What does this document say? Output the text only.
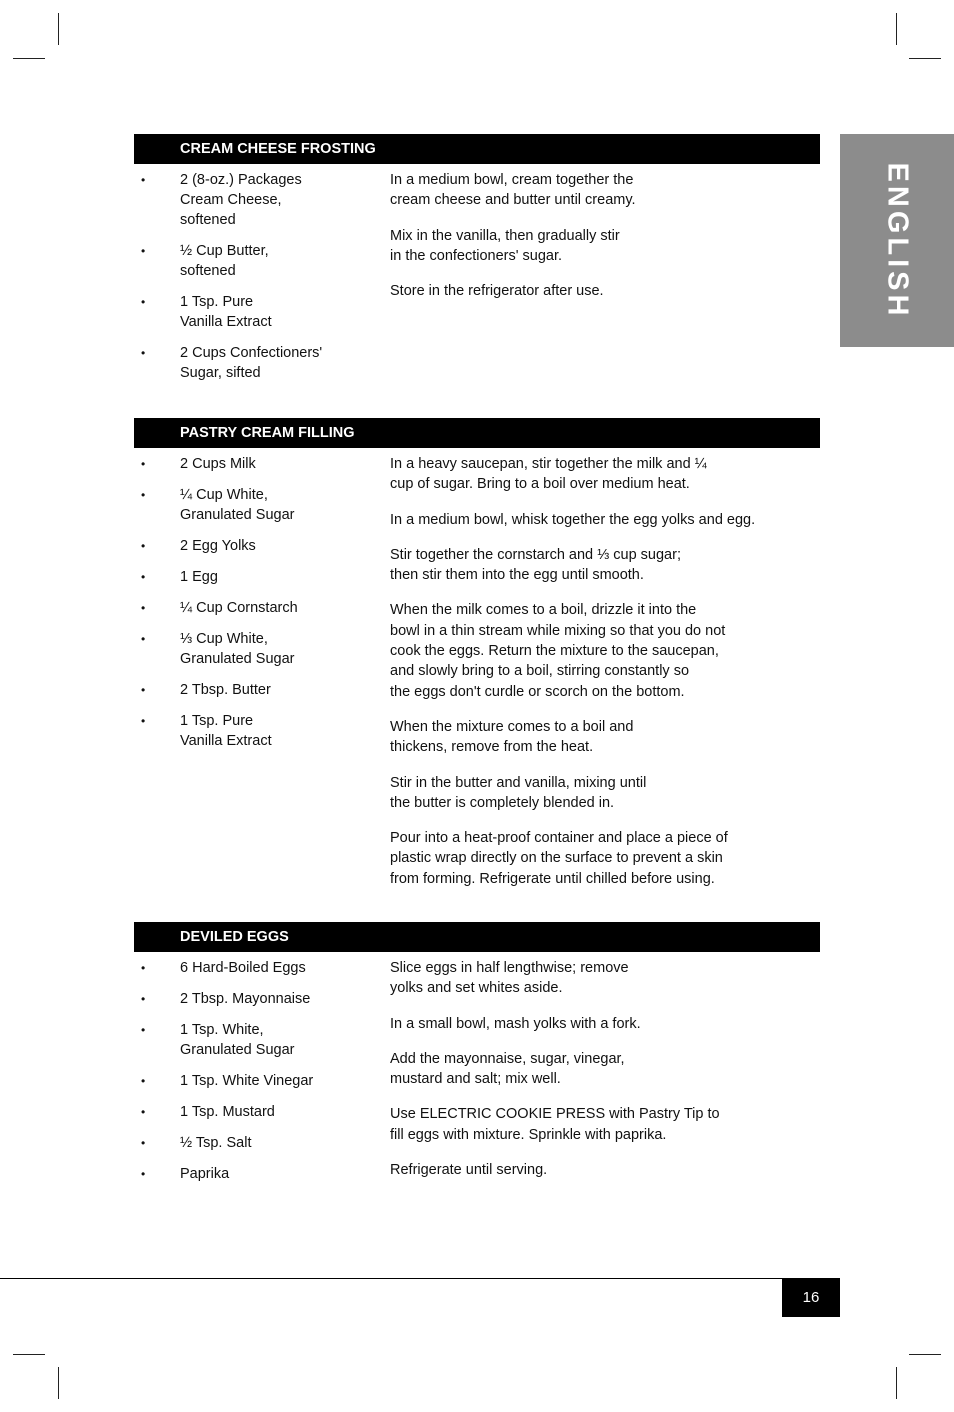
ENGLISH
CREAM CHEESE FROSTING
• 2 (8-oz.) Packages
Cream Cheese,
softened
• ½ Cup Butter,
softened
• 1 Tsp. Pure
Vanilla Extract
• 2 Cups Confectioners'
Sugar, sifted

In a medium bowl, cream together the
cream cheese and butter until creamy.

Mix in the vanilla, then gradually stir
in the confectioners' sugar.

Store in the refrigerator after use.

PASTRY CREAM FILLING
• 2 Cups Milk
• ¼ Cup White,
Granulated Sugar
• 2 Egg Yolks
• 1 Egg
• ¼ Cup Cornstarch
• ⅓ Cup White,
Granulated Sugar
• 2 Tbsp. Butter
• 1 Tsp. Pure
Vanilla Extract

In a heavy saucepan, stir together the milk and ¼
cup of sugar. Bring to a boil over medium heat.

In a medium bowl, whisk together the egg yolks and egg.

Stir together the cornstarch and ⅓ cup sugar;
then stir them into the egg until smooth.

When the milk comes to a boil, drizzle it into the
bowl in a thin stream while mixing so that you do not
cook the eggs. Return the mixture to the saucepan,
and slowly bring to a boil, stirring constantly so
the eggs don't curdle or scorch on the bottom.

When the mixture comes to a boil and
thickens, remove from the heat.

Stir in the butter and vanilla, mixing until
the butter is completely blended in.

Pour into a heat-proof container and place a piece of
plastic wrap directly on the surface to prevent a skin
from forming. Refrigerate until chilled before using.

DEVILED EGGS
• 6 Hard-Boiled Eggs
• 2 Tbsp. Mayonnaise
• 1 Tsp. White,
Granulated Sugar
• 1 Tsp. White Vinegar
• 1 Tsp. Mustard
• ½ Tsp. Salt
• Paprika

Slice eggs in half lengthwise; remove
yolks and set whites aside.

In a small bowl, mash yolks with a fork.

Add the mayonnaise, sugar, vinegar,
mustard and salt; mix well.

Use ELECTRIC COOKIE PRESS with Pastry Tip to
fill eggs with mixture. Sprinkle with paprika.

Refrigerate until serving.

16
